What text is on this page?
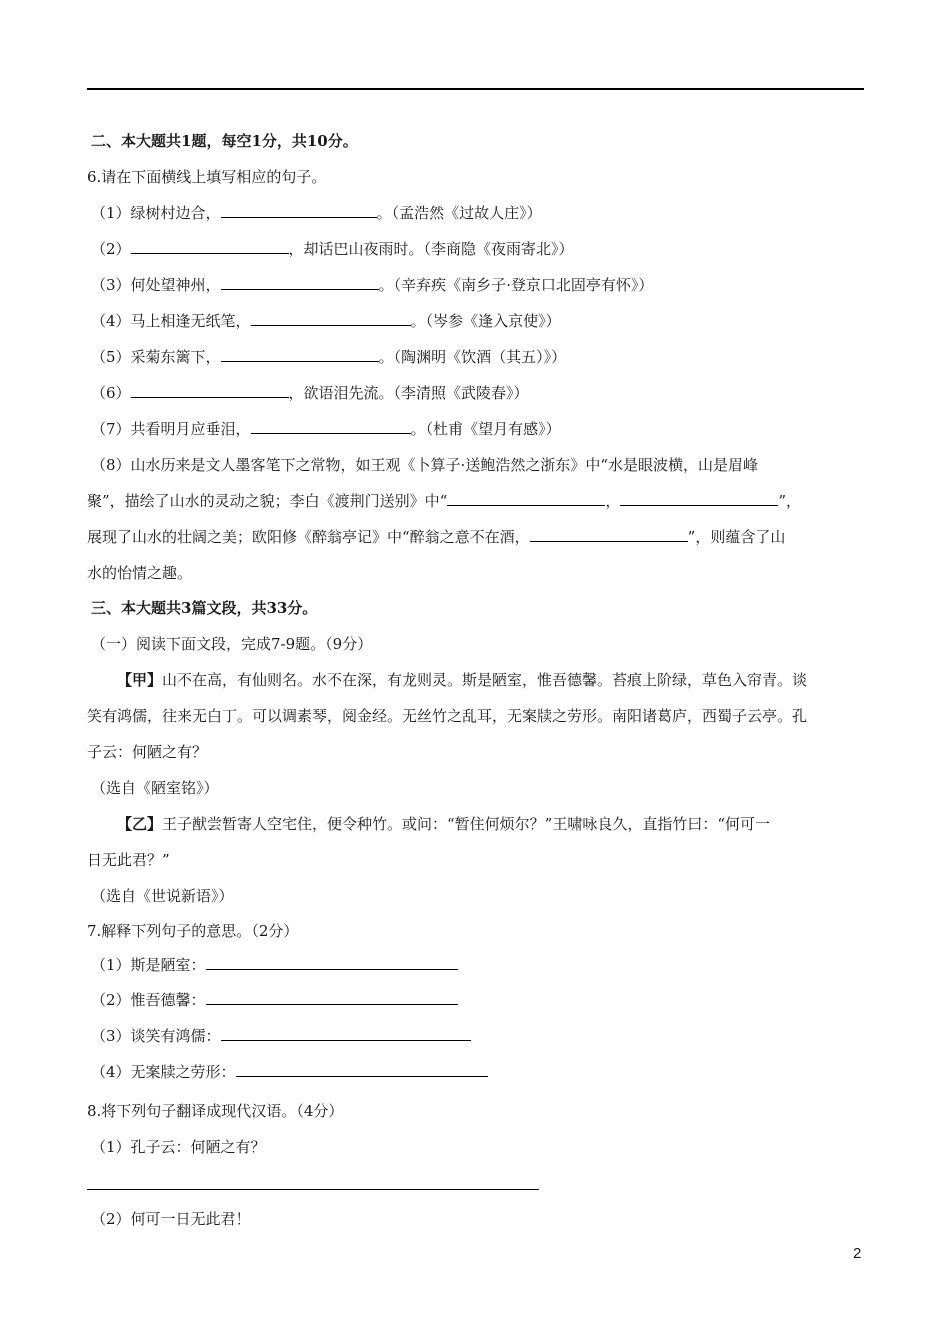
二、本大题共1题，每空1分，共10分。
6.请在下面横线上填写相应的句子。
（1）绿树村边合，	。（孟浩然《过故人庄》）
（2）	，却话巴山夜雨时。（李商隐《夜雨寄北》）
（3）何处望神州，	。（辛弃疾《南乡子·登京口北固亭有怀》）
（4）马上相逢无纸笔，	。（岑参《逢入京使》）
（5）采菊东篱下，	。（陶渊明《饮酒（其五）》）
（6）	，欲语泪先流。（李清照《武陵春》）
（7）共看明月应垂泪，	。（杜甫《望月有感》）
（8）山水历来是文人墨客笔下之常物，如王观《卜算子·送鲍浩然之浙东》中“水是眼波横，山是眉峰
聚”，描绘了山水的灵动之貌；李白《渡荆门送别》中“	，	”，
展现了山水的壮阔之美；欧阳修《醉翁亭记》中“醉翁之意不在酒，	”，则蕴含了山
水的怡情之趣。
三、本大题共3篇文段，共33分。
（一）阅读下面文段，完成7-9题。（9分）
【甲】山不在高，有仙则名。水不在深，有龙则灵。斯是陋室，惟吾德馨。苔痕上阶绿，草色入帘青。谈
笑有鸿儒，往来无白丁。可以调素琴，阅金经。无丝竹之乱耳，无案牍之劳形。南阳诸葛庐，西蜀子云亭。孔
子云：何陋之有？
（选自《陋室铭》）
【乙】王子猷尝暂寄人空宅住，便令种竹。或问：“暂住何烦尔？”王啸咏良久，直指竹曰：“何可一
日无此君？”
（选自《世说新语》）
7.解释下列句子的意思。（2分）
（1）斯是陋室：
（2）惟吾德馨：
（3）谈笑有鸿儒：
（4）无案牍之劳形：
8.将下列句子翻译成现代汉语。（4分）
（1）孔子云：何陋之有？
（2）何可一日无此君！
2
